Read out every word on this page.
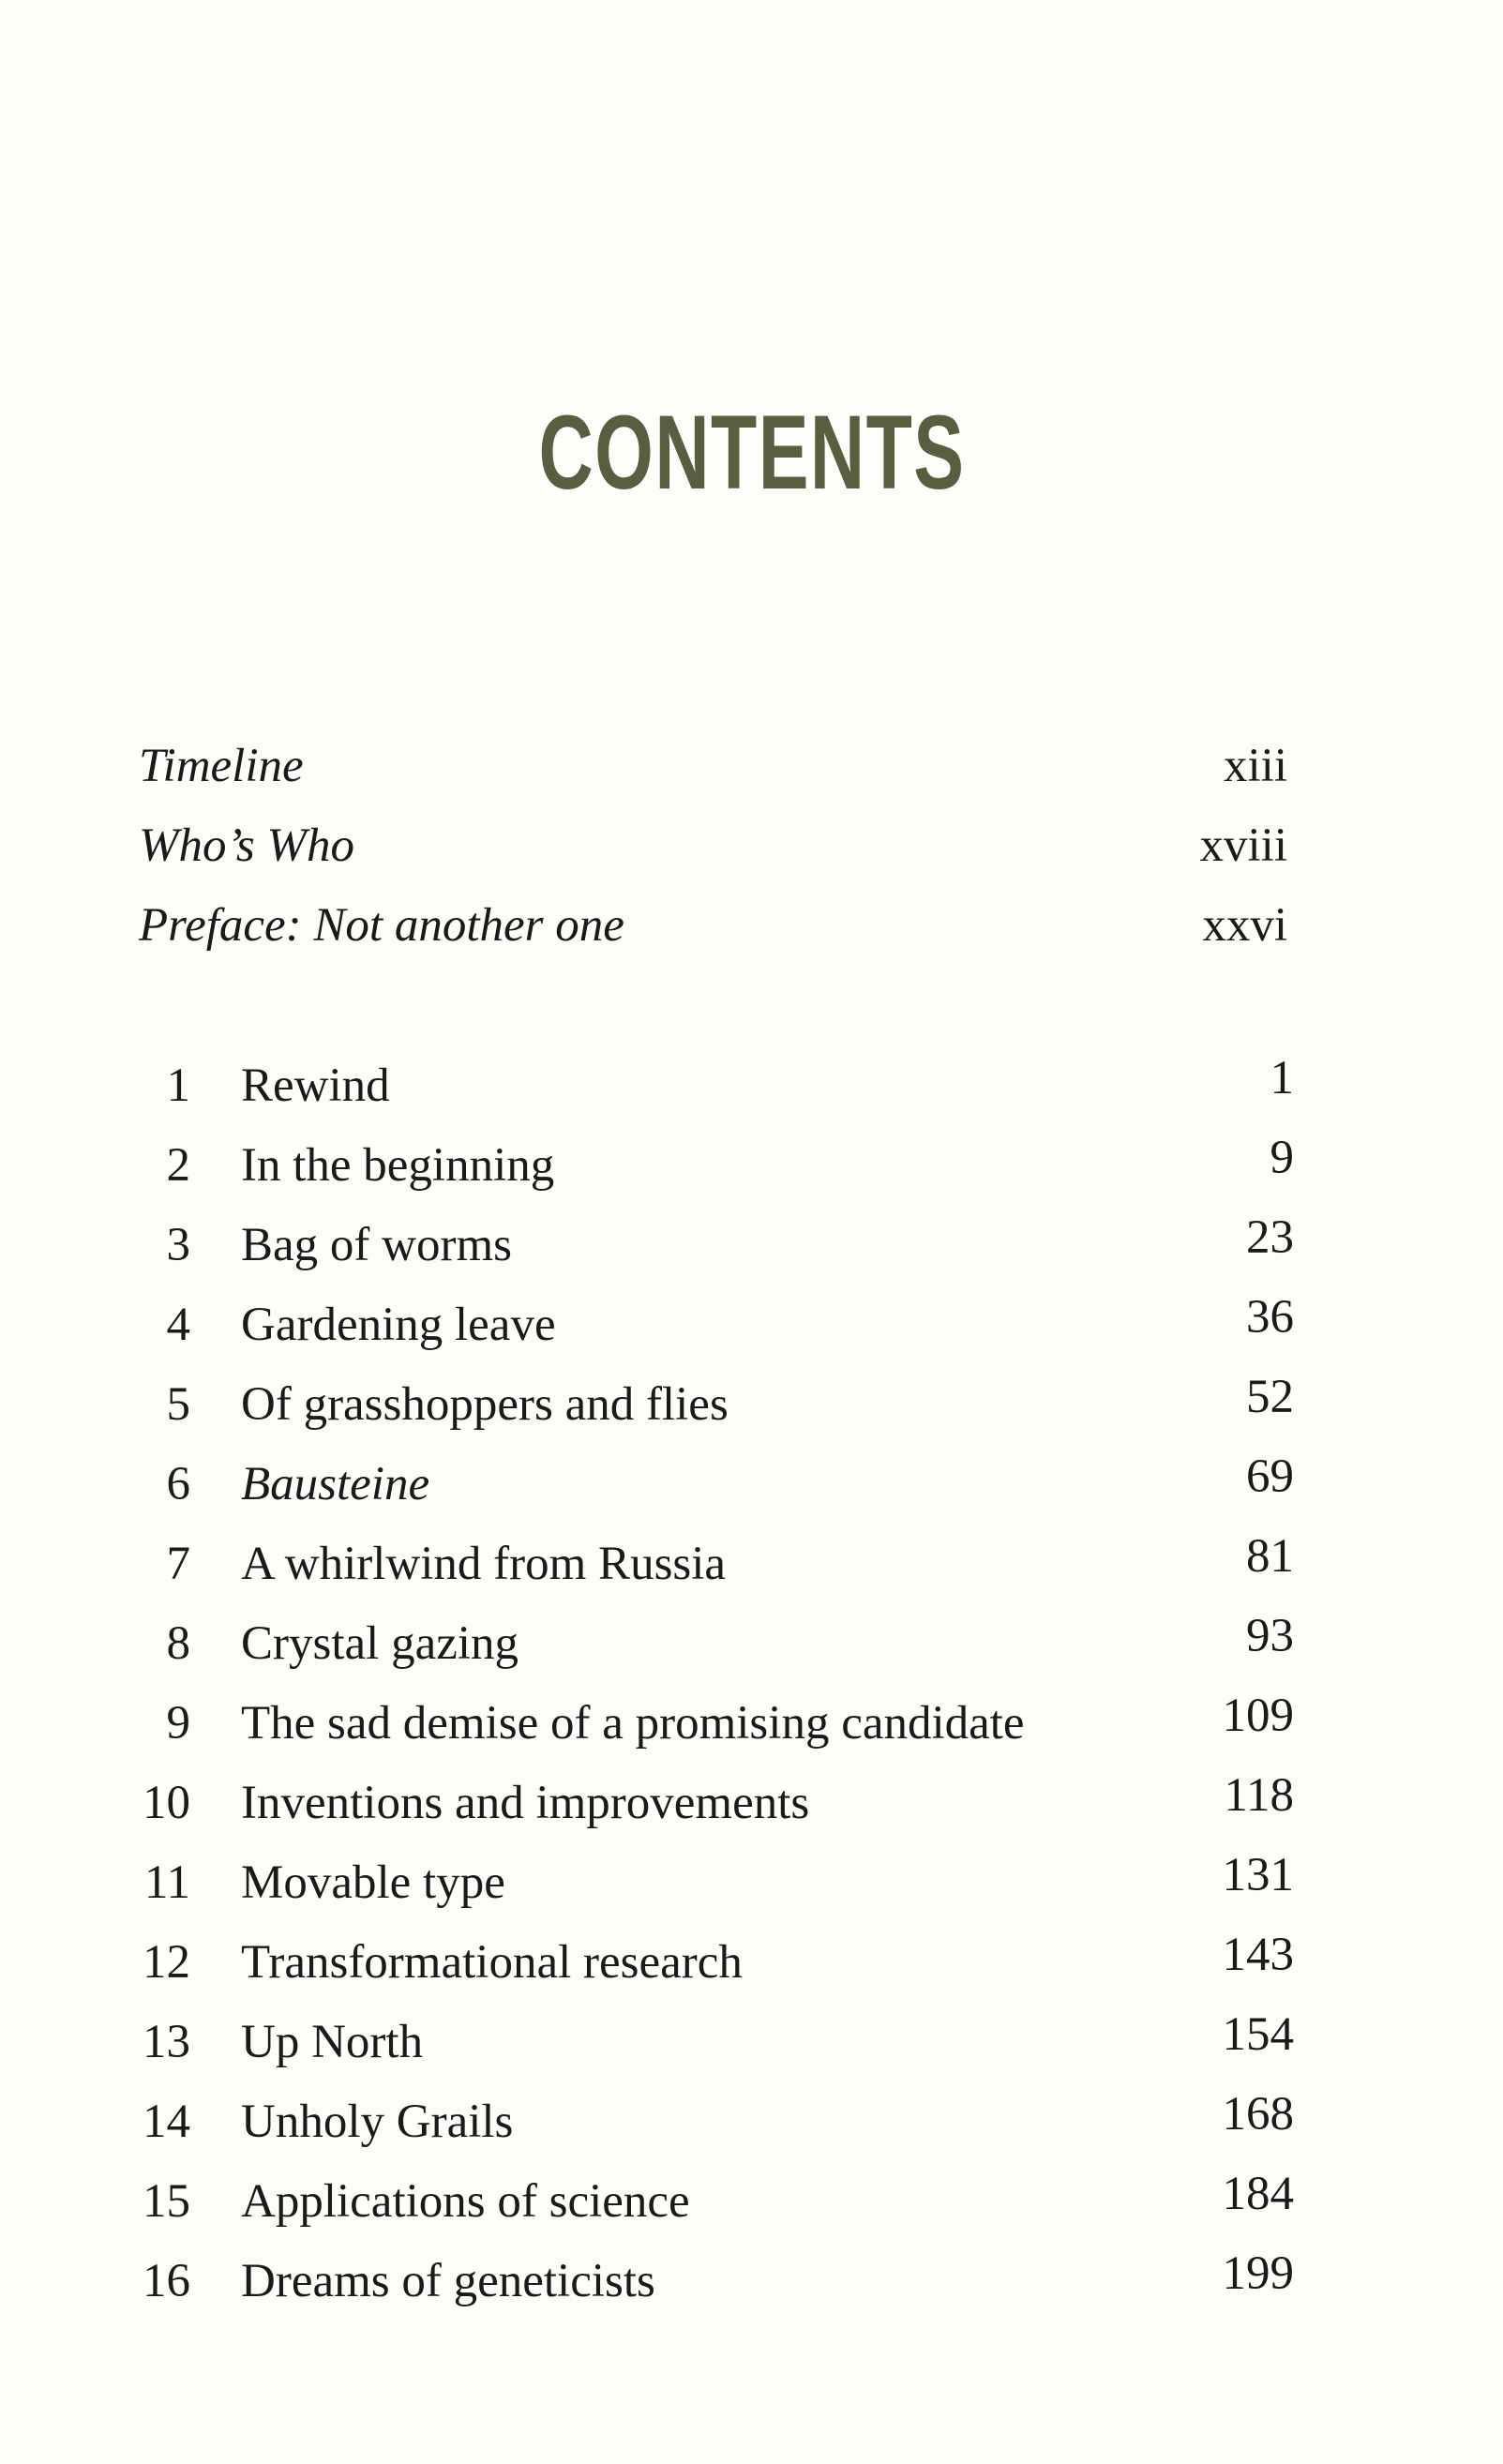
CONTENTS
Timeline	xiii
Who’s Who	xviii
Preface: Not another one	xxvi
1 Rewind	1
2 In the beginning	9
3 Bag of worms	23
4 Gardening leave	36
5 Of grasshoppers and flies	52
6 Bausteine	69
7 A whirlwind from Russia	81
8 Crystal gazing	93
9 The sad demise of a promising candidate	109
10 Inventions and improvements	118
11 Movable type	131
12 Transformational research	143
13 Up North	154
14 Unholy Grails	168
15 Applications of science	184
16 Dreams of geneticists	199
